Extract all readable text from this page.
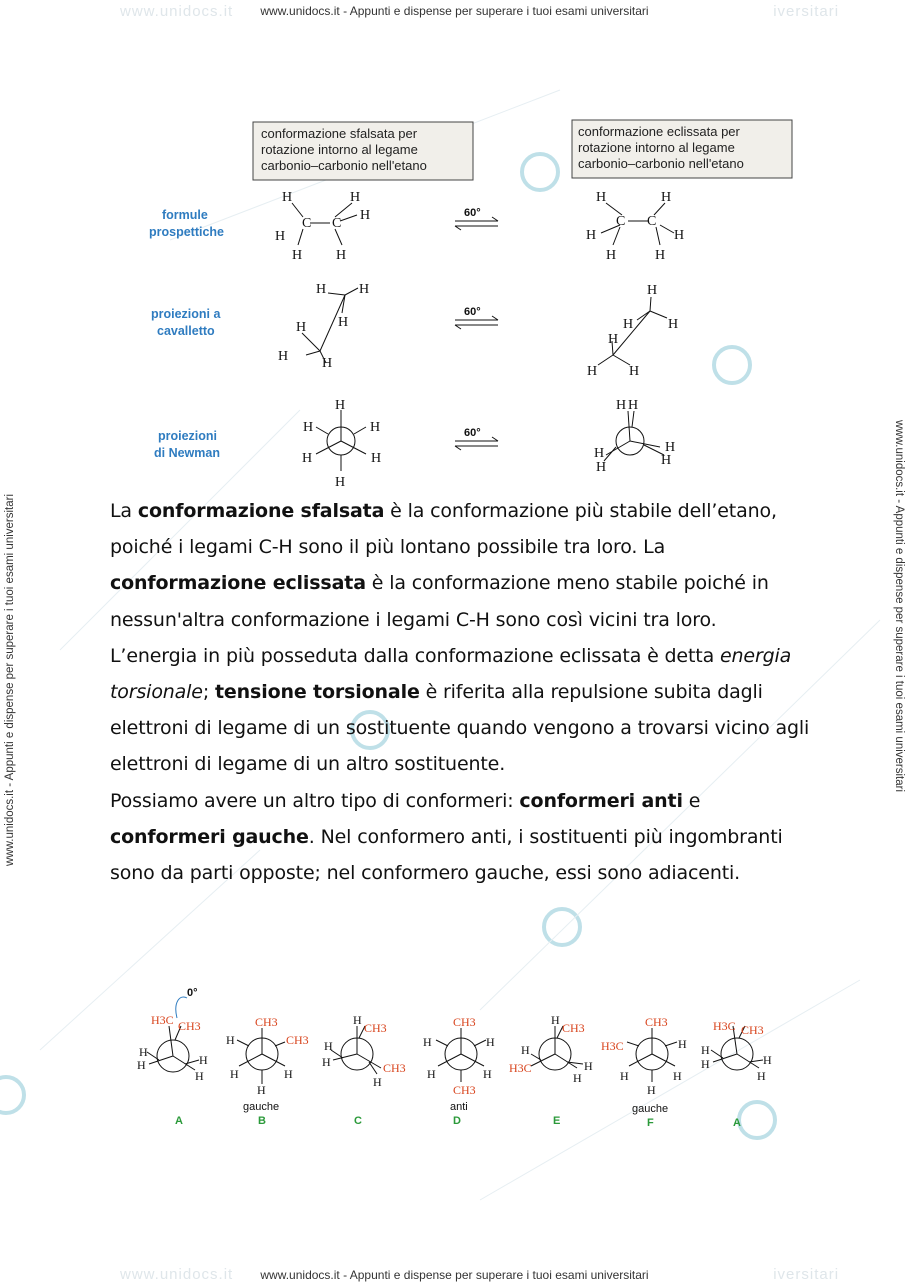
www.unidocs.it	iversitari
www.unidocs.it - Appunti e dispense per superare i tuoi esami universitari
www.unidocs.it	iversitari
www.unidocs.it - Appunti e dispense per superare i tuoi esami universitari
www.unidocs.it - Appunti e dispense per superare i tuoi esami universitari	www.unidocs.it - Appunti e dispense per superare i tuoi esami universitari
conformazione sfalsata per
rotazione intorno al legame
carbonio–carbonio nell'etano
conformazione eclissata per
rotazione intorno al legame
carbonio–carbonio nell'etano
formule
prospettiche
proiezioni a
cavalletto
proiezioni
di Newman
60°
60°
60°
H
C
H
H
H
C
H
H
H	H
C C
H	H
H	H
H H
H
H
H H
H
H H
H
H H
H
H	H
H	H
H
H H
H
H
H
H

La conformazione sfalsata è la conformazione più stabile dell’etano, poiché i legami C-H sono il più lontano possibile tra loro. La conformazione eclissata è la conformazione meno stabile poiché in nessun'altra conformazione i legami C-H sono così vicini tra loro.

L’energia in più posseduta dalla conformazione eclissata è detta energia torsionale; tensione torsionale è riferita alla repulsione subita dagli elettroni di legame di un sostituente quando vengono a trovarsi vicino agli elettroni di legame di un altro sostituente.

Possiamo avere un altro tipo di conformeri: conformeri anti e conformeri gauche. Nel conformero anti, i sostituenti più ingombranti sono da parti opposte; nel conformero gauche, essi sono adiacenti.

0°
H3C CH3
H
H	H
H
A
CH3
CH3
H
H	H
H
gauche
B
H
CH3
H
H	CH3
H
C
CH3
H	H
H	H
CH3
anti
D
H
CH3
H
H3C	H
H
E
CH3
H3C	H
H	H
H
gauche
F
H3C CH3
H
H	H
H
A
